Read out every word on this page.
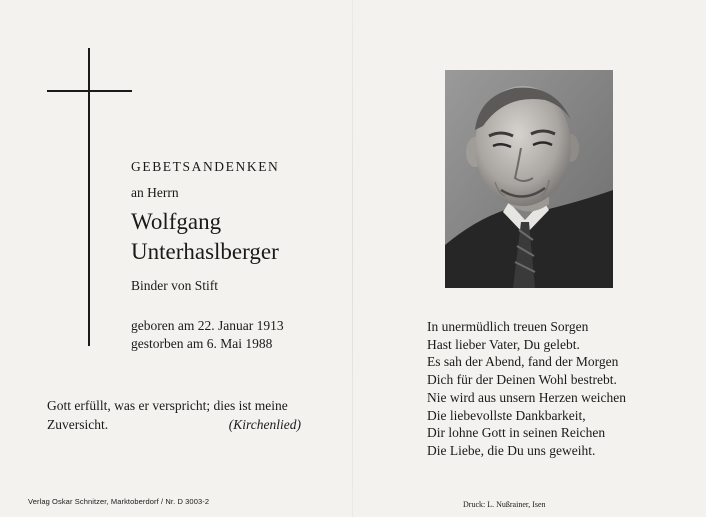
GEBETSANDENKEN
an Herrn
Wolfgang
Unterhaslberger
Binder von Stift
geboren am 22. Januar 1913
gestorben am 6. Mai 1988
Gott erfüllt, was er verspricht; dies ist meine
Zuversicht.	(Kirchenlied)
Verlag Oskar Schnitzer, Marktoberdorf / Nr. D 3003-2
In unermüdlich treuen Sorgen
Hast lieber Vater, Du gelebt.
Es sah der Abend, fand der Morgen
Dich für der Deinen Wohl bestrebt.
Nie wird aus unsern Herzen weichen
Die liebevollste Dankbarkeit,
Dir lohne Gott in seinen Reichen
Die Liebe, die Du uns geweiht.
Druck: L. Nußrainer, Isen
